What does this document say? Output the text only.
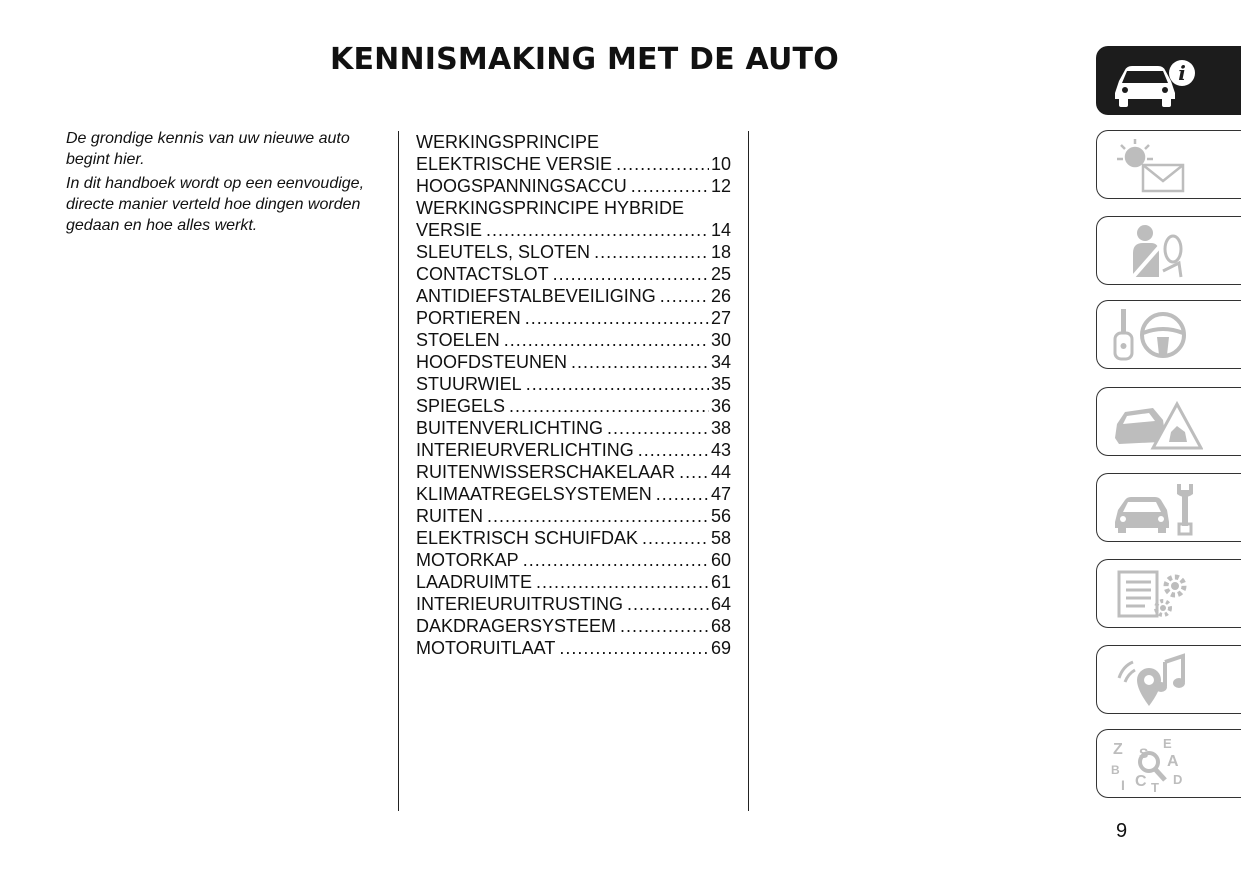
KENNISMAKING MET DE AUTO

De grondige kennis van uw nieuwe auto begint hier.

In dit handboek wordt op een eenvoudige, directe manier verteld hoe dingen worden gedaan en hoe alles werkt.

WERKINGSPRINCIPE
ELEKTRISCHE VERSIE .....	10
HOOGSPANNINGSACCU .....	12
WERKINGSPRINCIPE HYBRIDE
VERSIE .....	14
SLEUTELS, SLOTEN .....	18
CONTACTSLOT .....	25
ANTIDIEFSTALBEVEILIGING .....	26
PORTIEREN .....	27
STOELEN .....	30
HOOFDSTEUNEN .....	34
STUURWIEL .....	35
SPIEGELS .....	36
BUITENVERLICHTING .....	38
INTERIEURVERLICHTING .....	43
RUITENWISSERSCHAKELAAR ..... 44
KLIMAATREGELSYSTEMEN .....	47
RUITEN .....	56
ELEKTRISCH SCHUIFDAK .....	58
MOTORKAP .....	60
LAADRUIMTE .....	61
INTERIEURUITRUSTING .....	64
DAKDRAGERSYSTEEM .....	68
MOTORUITLAAT .....	69
i
Z	E
S A
B
I C T
D
9
